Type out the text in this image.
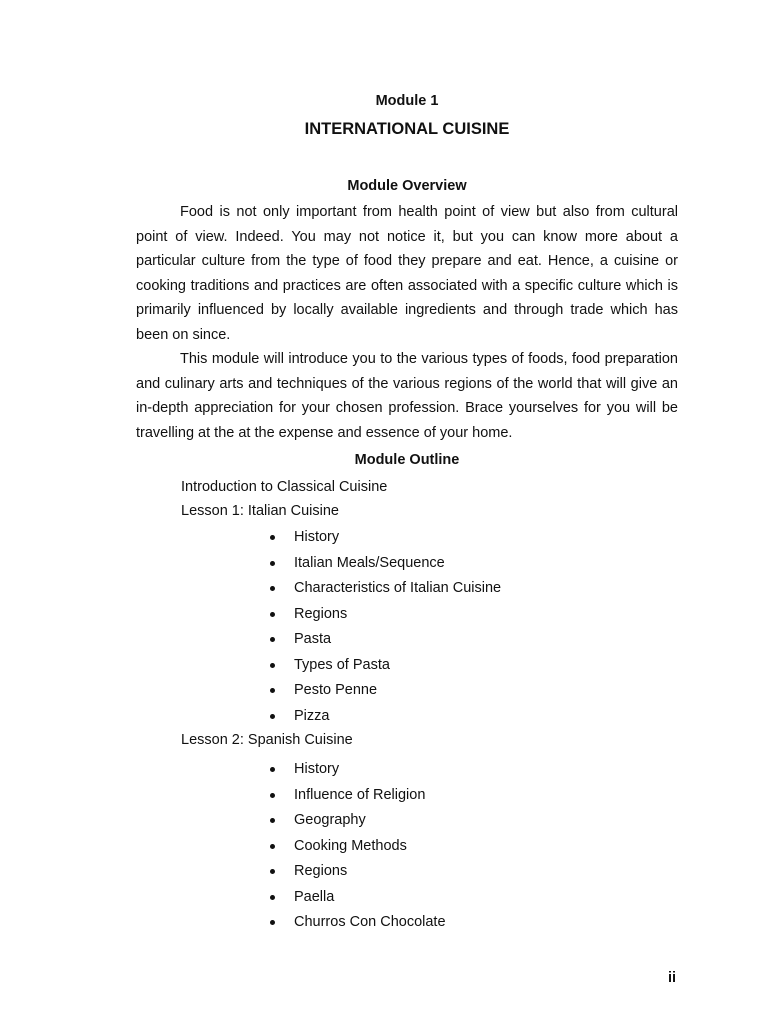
Module 1
INTERNATIONAL CUISINE
Module Overview

Food is not only important from health point of view but also from cultural point of view. Indeed. You may not notice it, but you can know more about a particular culture from the type of food they prepare and eat. Hence, a cuisine or cooking traditions and practices are often associated with a specific culture which is primarily influenced by locally available ingredients and through trade which has been on since.

This module will introduce you to the various types of foods, food preparation and culinary arts and techniques of the various regions of the world that will give an in-depth appreciation for your chosen profession. Brace yourselves for you will be travelling at the at the expense and essence of your home.

Module Outline
Introduction to Classical Cuisine
Lesson 1: Italian Cuisine
History
Italian Meals/Sequence
Characteristics of Italian Cuisine
Regions
Pasta
Types of Pasta
Pesto Penne
Pizza
Lesson 2: Spanish Cuisine
History
Influence of Religion
Geography
Cooking Methods
Regions
Paella
Churros Con Chocolate
ii
